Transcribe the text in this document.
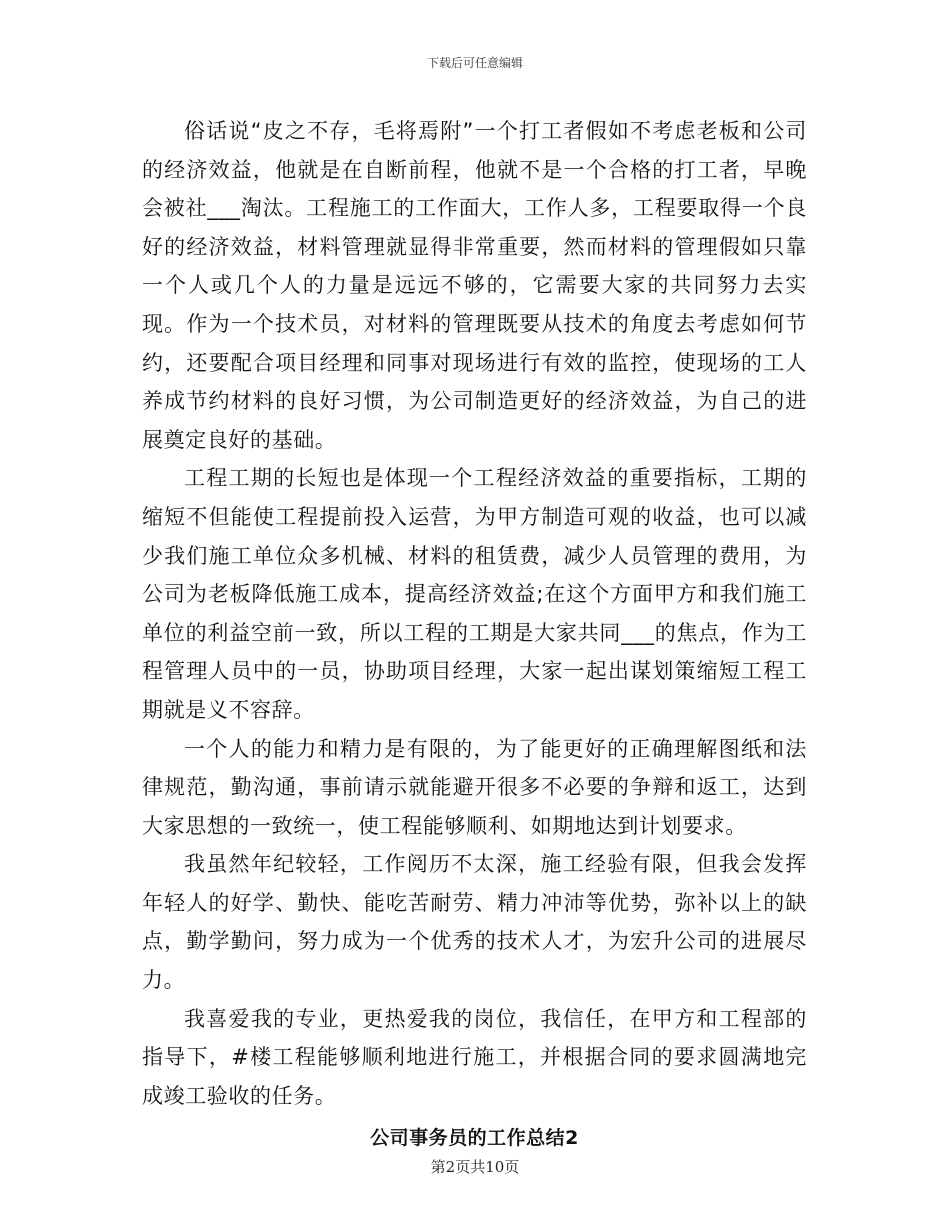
下载后可任意编辑

俗话说“皮之不存，毛将焉附”一个打工者假如不考虑老板和公司的经济效益，他就是在自断前程，他就不是一个合格的打工者，早晚会被社___淘汰。工程施工的工作面大，工作人多，工程要取得一个良好的经济效益，材料管理就显得非常重要，然而材料的管理假如只靠一个人或几个人的力量是远远不够的，它需要大家的共同努力去实现。作为一个技术员，对材料的管理既要从技术的角度去考虑如何节约，还要配合项目经理和同事对现场进行有效的监控，使现场的工人养成节约材料的良好习惯，为公司制造更好的经济效益，为自己的进展奠定良好的基础。

工程工期的长短也是体现一个工程经济效益的重要指标，工期的缩短不但能使工程提前投入运营，为甲方制造可观的收益，也可以减少我们施工单位众多机械、材料的租赁费，减少人员管理的费用，为公司为老板降低施工成本，提高经济效益;在这个方面甲方和我们施工单位的利益空前一致，所以工程的工期是大家共同___的焦点，作为工程管理人员中的一员，协助项目经理，大家一起出谋划策缩短工程工期就是义不容辞。

一个人的能力和精力是有限的，为了能更好的正确理解图纸和法律规范，勤沟通，事前请示就能避开很多不必要的争辩和返工，达到大家思想的一致统一，使工程能够顺利、如期地达到计划要求。

我虽然年纪较轻，工作阅历不太深，施工经验有限，但我会发挥年轻人的好学、勤快、能吃苦耐劳、精力冲沛等优势，弥补以上的缺点，勤学勤问，努力成为一个优秀的技术人才，为宏升公司的进展尽力。

我喜爱我的专业，更热爱我的岗位，我信任，在甲方和工程部的指导下，#楼工程能够顺利地进行施工，并根据合同的要求圆满地完成竣工验收的任务。

公司事务员的工作总结2
第2页共10页
